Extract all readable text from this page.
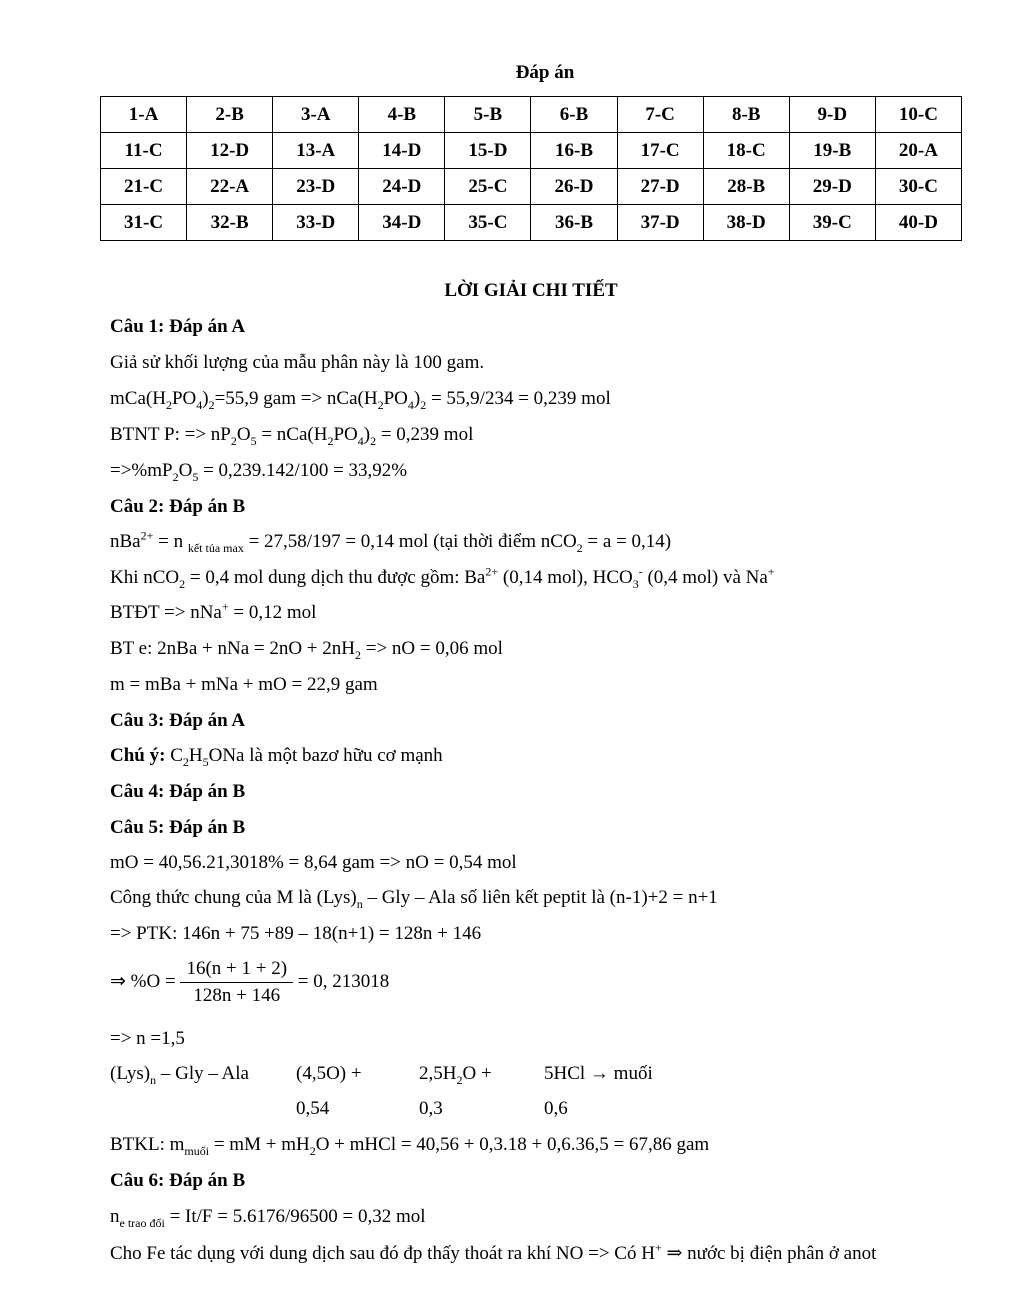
Đáp án
1-A	2-B	3-A	4-B	5-B	6-B	7-C	8-B	9-D	10-C
11-C	12-D	13-A	14-D	15-D	16-B	17-C	18-C	19-B	20-A
21-C	22-A	23-D	24-D	25-C	26-D	27-D	28-B	29-D	30-C
31-C	32-B	33-D	34-D	35-C	36-B	37-D	38-D	39-C	40-D
LỜI GIẢI CHI TIẾT
Câu 1: Đáp án A
Giả sử khối lượng của mẫu phân này là 100 gam.
$mCa(H_2PO_4)_2=55,9$ gam => $nCa(H_2PO_4)_2 = 55,9/234 = 0,239$ mol
BTNT P: => $nP_2O_5 = nCa(H_2PO_4)_2 = 0,239$ mol
$=>\%mP_2O_5 = 0,239.142/100 = 33,92\%$
Câu 2: Đáp án B
nBa$^{2+}$ = n $_{kết tủa max}$ = 27,58/197 = 0,14 mol (tại thời điểm nCO$_2$ = a = 0,14)
Khi nCO$_2$ = 0,4 mol dung dịch thu được gồm: $Ba^{2+}$ (0,14 mol), $HCO_3^-$ (0,4 mol) và Na+
BTĐT => nNa+ = 0,12 mol
BT e: 2nBa + nNa = $2nO + 2nH_2$ => nO = 0,06 mol
m = mBa + mNa + mO = 22,9 gam
Câu 3: Đáp án A
Chú ý: $C_2H_5ONa$ là một bazơ hữu cơ mạnh
Câu 4: Đáp án B
Câu 5: Đáp án B
mO = 40,56.21,3018% = 8,64 gam => nO = 0,54 mol
Công thức chung của M là $(Lys)_n$ – Gly – Ala số liên kết peptit là (n-1)+2 = n+1
=> PTK: 146n + 75 +89 – 18(n+1) = 128n + 146
⇒ $\%O = \frac{16(n + 1 + 2)}{128n + 146} = 0$, 213018
=> n =1,5
$(Lys)_n$ – Gly – Ala (4,5O) +	$2,5H_2O$ +	5HCl → muối
0,54	0,3	0,6
BTKL: $m_{muối}$ = mM + $mH_2O$ + mHCl = 40,56 + 0,3.18 + 0,6.36,5 = 67,86 gam
Câu 6: Đáp án B
$n_{e trao đổi} = It/F = 5.6176/96500 = 0,32$ mol
Cho Fe tác dụng với dung dịch sau đó đp thấy thoát ra khí NO => Có H+ ⇒ nước bị điện phân ở anot
